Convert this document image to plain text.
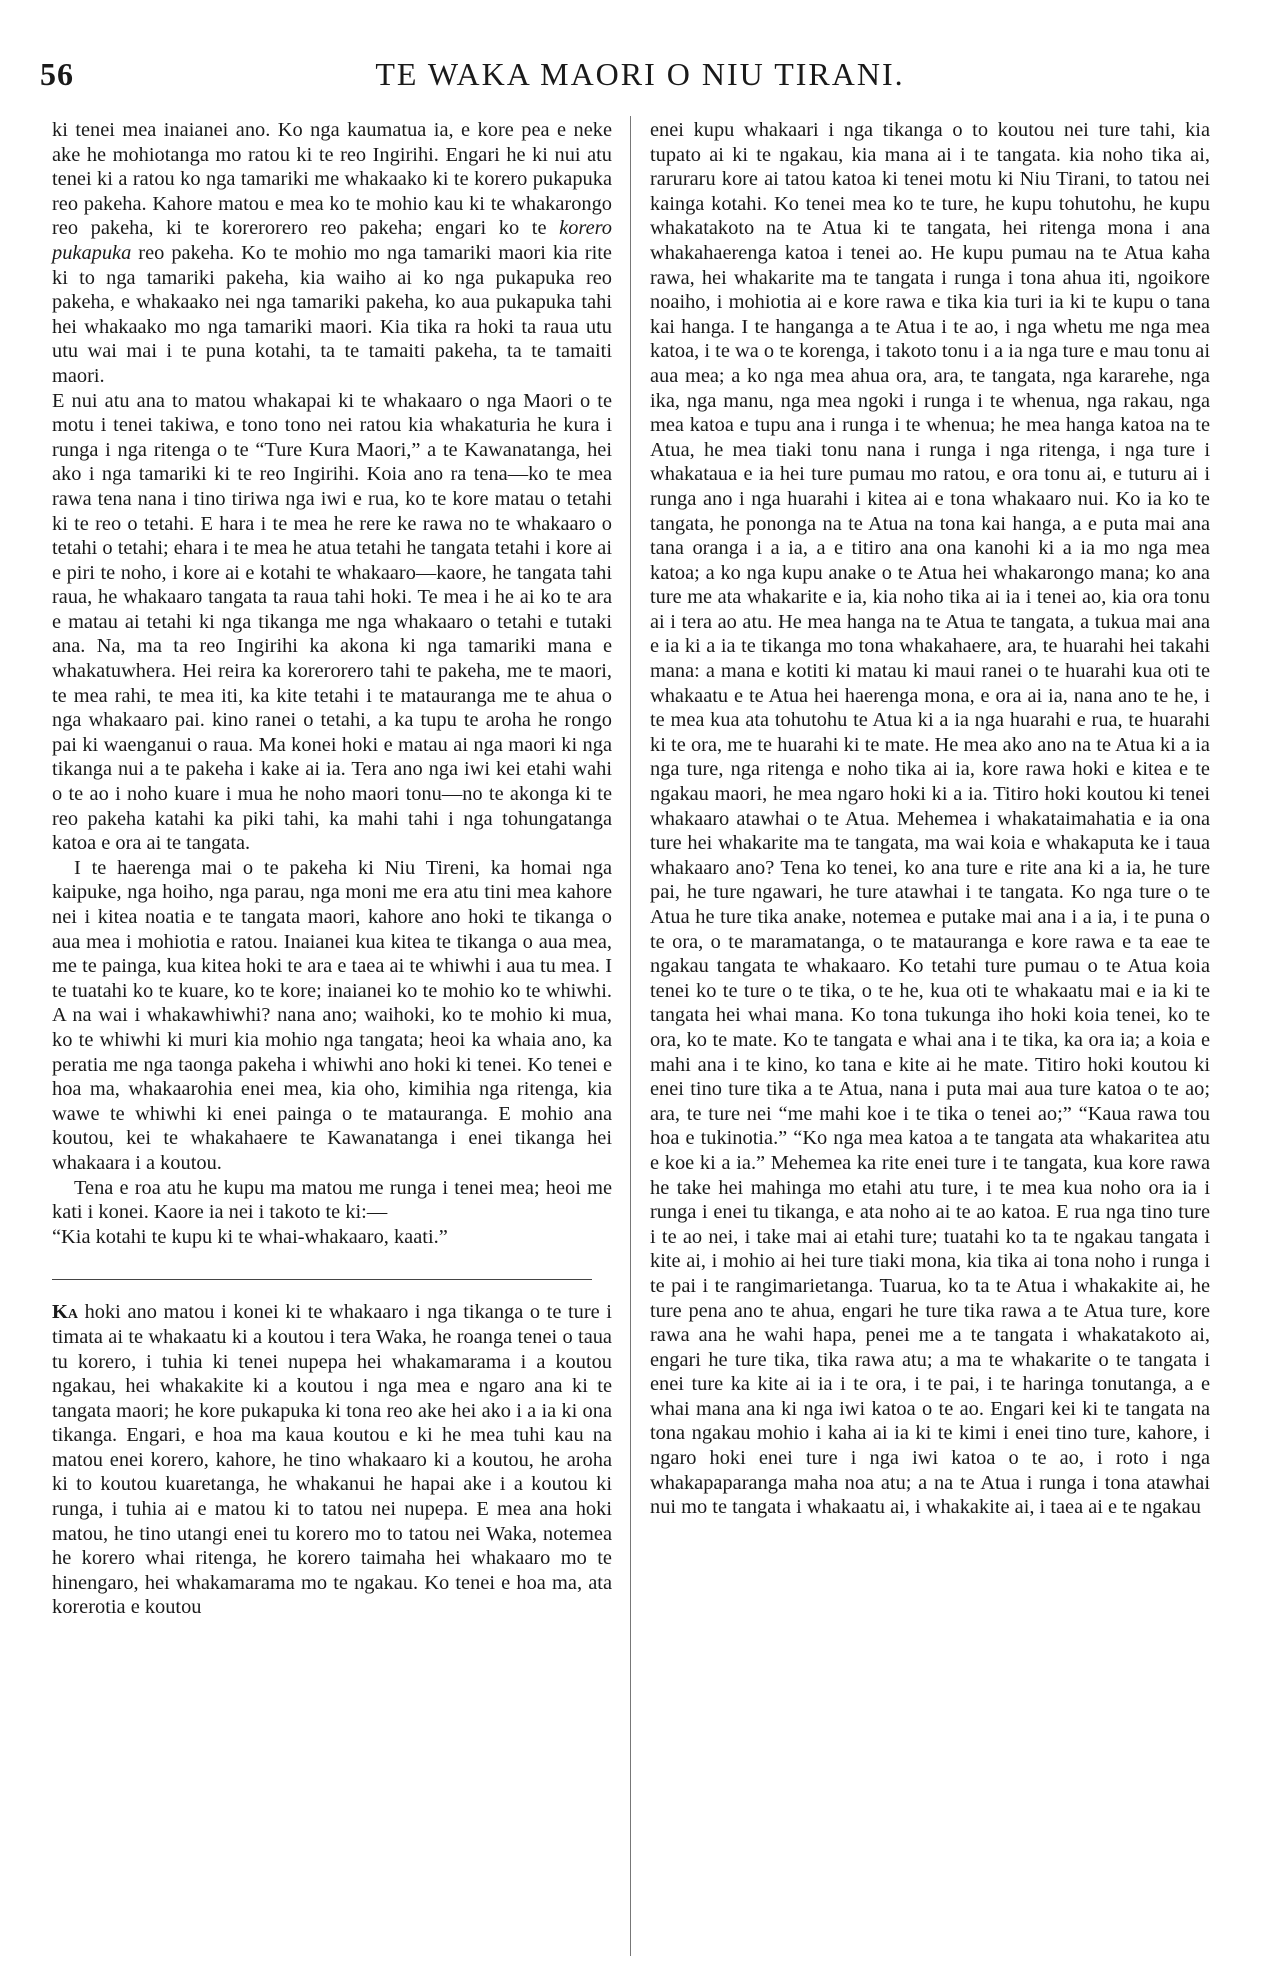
56	TE WAKA MAORI O NIU TIRANI.

ki tenei mea inaianei ano. Ko nga kaumatua ia, e kore pea e neke ake he mohiotanga mo ratou ki te reo Ingirihi. Engari he ki nui atu tenei ki a ratou ko nga tamariki me whakaako ki te korero pukapuka reo pakeha. Kahore matou e mea ko te mohio kau ki te whakarongo reo pakeha, ki te korerorero reo pakeha; engari ko te korero pukapuka reo pakeha. Ko te mohio mo nga tamariki maori kia rite ki to nga tamariki pakeha, kia waiho ai ko nga pukapuka reo pakeha, e whakaako nei nga tamariki pakeha, ko aua pukapuka tahi hei whakaako mo nga tamariki maori. Kia tika ra hoki ta raua utu utu wai mai i te puna kotahi, ta te tamaiti pakeha, ta te tamaiti maori.

E nui atu ana to matou whakapai ki te whakaaro o nga Maori o te motu i tenei takiwa, e tono tono nei ratou kia whakaturia he kura i runga i nga ritenga o te “Ture Kura Maori,” a te Kawanatanga, hei ako i nga tamariki ki te reo Ingirihi. Koia ano ra tena—ko te mea rawa tena nana i tino tiriwa nga iwi e rua, ko te kore matau o tetahi ki te reo o tetahi. E hara i te mea he rere ke rawa no te whakaaro o tetahi o tetahi; ehara i te mea he atua tetahi he tangata tetahi i kore ai e piri te noho, i kore ai e kotahi te whakaaro—kaore, he tangata tahi raua, he whakaaro tangata ta raua tahi hoki. Te mea i he ai ko te ara e matau ai tetahi ki nga tikanga me nga whakaaro o tetahi e tutaki ana. Na, ma ta reo Ingirihi ka akona ki nga tamariki mana e whakatuwhera. Hei reira ka korerorero tahi te pakeha, me te maori, te mea rahi, te mea iti, ka kite tetahi i te matauranga me te ahua o nga whakaaro pai. kino ranei o tetahi, a ka tupu te aroha he rongo pai ki waenganui o raua. Ma konei hoki e matau ai nga maori ki nga tikanga nui a te pakeha i kake ai ia. Tera ano nga iwi kei etahi wahi o te ao i noho kuare i mua he noho maori tonu—no te akonga ki te reo pakeha katahi ka piki tahi, ka mahi tahi i nga tohungatanga katoa e ora ai te tangata.

I te haerenga mai o te pakeha ki Niu Tireni, ka homai nga kaipuke, nga hoiho, nga parau, nga moni me era atu tini mea kahore nei i kitea noatia e te tangata maori, kahore ano hoki te tikanga o aua mea i mohiotia e ratou. Inaianei kua kitea te tikanga o aua mea, me te painga, kua kitea hoki te ara e taea ai te whiwhi i aua tu mea. I te tuatahi ko te kuare, ko te kore; inaianei ko te mohio ko te whiwhi. A na wai i whakawhiwhi? nana ano; waihoki, ko te mohio ki mua, ko te whiwhi ki muri kia mohio nga tangata; heoi ka whaia ano, ka peratia me nga taonga pakeha i whiwhi ano hoki ki tenei. Ko tenei e hoa ma, whakaarohia enei mea, kia oho, kimihia nga ritenga, kia wawe te whiwhi ki enei painga o te matauranga. E mohio ana koutou, kei te whakahaere te Kawanatanga i enei tikanga hei whakaara i a koutou.

Tena e roa atu he kupu ma matou me runga i tenei mea; heoi me kati i konei. Kaore ia nei i takoto te ki:—

“Kia kotahi te kupu ki te whai-whakaaro, kaati.”

Ka hoki ano matou i konei ki te whakaaro i nga tikanga o te ture i timata ai te whakaatu ki a koutou i tera Waka, he roanga tenei o taua tu korero, i tuhia ki tenei nupepa hei whakamarama i a koutou ngakau, hei whakakite ki a koutou i nga mea e ngaro ana ki te tangata maori; he kore pukapuka ki tona reo ake hei ako i a ia ki ona tikanga. Engari, e hoa ma kaua koutou e ki he mea tuhi kau na matou enei korero, kahore, he tino whakaaro ki a koutou, he aroha ki to koutou kuaretanga, he whakanui he hapai ake i a koutou ki runga, i tuhia ai e matou ki to tatou nei nupepa. E mea ana hoki matou, he tino utangi enei tu korero mo to tatou nei Waka, notemea he korero whai ritenga, he korero taimaha hei whakaaro mo te hinengaro, hei whakamarama mo te ngakau. Ko tenei e hoa ma, ata korerotia e koutou

enei kupu whakaari i nga tikanga o to koutou nei ture tahi, kia tupato ai ki te ngakau, kia mana ai i te tangata. kia noho tika ai, raruraru kore ai tatou katoa ki tenei motu ki Niu Tirani, to tatou nei kainga kotahi. Ko tenei mea ko te ture, he kupu tohutohu, he kupu whakatakoto na te Atua ki te tangata, hei ritenga mona i ana whakahaerenga katoa i tenei ao. He kupu pumau na te Atua kaha rawa, hei whakarite ma te tangata i runga i tona ahua iti, ngoikore noaiho, i mohiotia ai e kore rawa e tika kia turi ia ki te kupu o tana kai hanga. I te hanganga a te Atua i te ao, i nga whetu me nga mea katoa, i te wa o te korenga, i takoto tonu i a ia nga ture e mau tonu ai aua mea; a ko nga mea ahua ora, ara, te tangata, nga kararehe, nga ika, nga manu, nga mea ngoki i runga i te whenua, nga rakau, nga mea katoa e tupu ana i runga i te whenua; he mea hanga katoa na te Atua, he mea tiaki tonu nana i runga i nga ritenga, i nga ture i whakatauа e ia hei ture pumau mo ratou, e ora tonu ai, e tuturu ai i runga ano i nga huarahi i kitea ai e tona whakaaro nui. Ko ia ko te tangata, he pononga na te Atua na tona kai hanga, a e puta mai ana tana oranga i a ia, a e titiro ana ona kanohi ki a ia mo nga mea katoa; a ko nga kupu anake o te Atua hei whakarongo mana; ko ana ture me ata whakarite e ia, kia noho tika ai ia i tenei ao, kia ora tonu ai i tera ao atu. He mea hanga na te Atua te tangata, a tukua mai ana e ia ki a ia te tikanga mo tona whakahaere, ara, te huarahi hei takahi mana: a mana e kotiti ki matau ki maui ranei o te huarahi kua oti te whakaatu e te Atua hei haerenga mona, e ora ai ia, nana ano te he, i te mea kua ata tohutohu te Atua ki a ia nga huarahi e rua, te huarahi ki te ora, me te huarahi ki te mate. He mea ako ano na te Atua ki a ia nga ture, nga ritenga e noho tika ai ia, kore rawa hoki e kitea e te ngakau maori, he mea ngaro hoki ki a ia. Titiro hoki koutou ki tenei whakaaro atawhai o te Atua. Mehemea i whakataimahatia e ia ona ture hei whakarite ma te tangata, ma wai koia e whakaputa ke i taua whakaaro ano? Tena ko tenei, ko ana ture e rite ana ki a ia, he ture pai, he ture ngawari, he ture atawhai i te tangata. Ko nga ture o te Atua he ture tika anake, notemea e putake mai ana i a ia, i te puna o te ora, o te maramatanga, o te matauranga e kore rawa e ta eae te ngakau tangata te whakaaro. Ko tetahi ture pumau o te Atua koia tenei ko te ture o te tika, o te he, kua oti te whakaatu mai e ia ki te tangata hei whai mana. Ko tona tukunga iho hoki koia tenei, ko te ora, ko te mate. Ko te tangata e whai ana i te tika, ka ora ia; a koia e mahi ana i te kino, ko tana e kite ai he mate. Titiro hoki koutou ki enei tino ture tika a te Atua, nana i puta mai aua ture katoa o te ao; ara, te ture nei “me mahi koe i te tika o tenei ao;” “Kaua rawa tou hoa e tukinotia.” “Ko nga mea katoa a te tangata ata whakaritea atu e koe ki a ia.” Mehemea ka rite enei ture i te tangata, kua kore rawa he take hei mahinga mo etahi atu ture, i te mea kua noho ora ia i runga i enei tu tikanga, e ata noho ai te ao katoa. E rua nga tino ture i te ao nei, i take mai ai etahi ture; tuatahi ko ta te ngakau tangata i kite ai, i mohio ai hei ture tiaki mona, kia tika ai tona noho i runga i te pai i te rangimarietanga. Tuarua, ko ta te Atua i whakakite ai, he ture pena ano te ahua, engari he ture tika rawa a te Atua ture, kore rawa ana he wahi hapa, penei me a te tangata i whakatakoto ai, engari he ture tika, tika rawa atu; a ma te whakarite o te tangata i enei ture ka kite ai ia i te ora, i te pai, i te haringa tonutanga, a e whai mana ana ki nga iwi katoa o te ao. Engari kei ki te tangata na tona ngakau mohio i kaha ai ia ki te kimi i enei tino ture, kahore, i ngaro hoki enei ture i nga iwi katoa o te ao, i roto i nga whakapaparanga maha noa atu; a na te Atua i runga i tona atawhai nui mo te tangata i whakaatu ai, i whakakite ai, i taea ai e te ngakau
